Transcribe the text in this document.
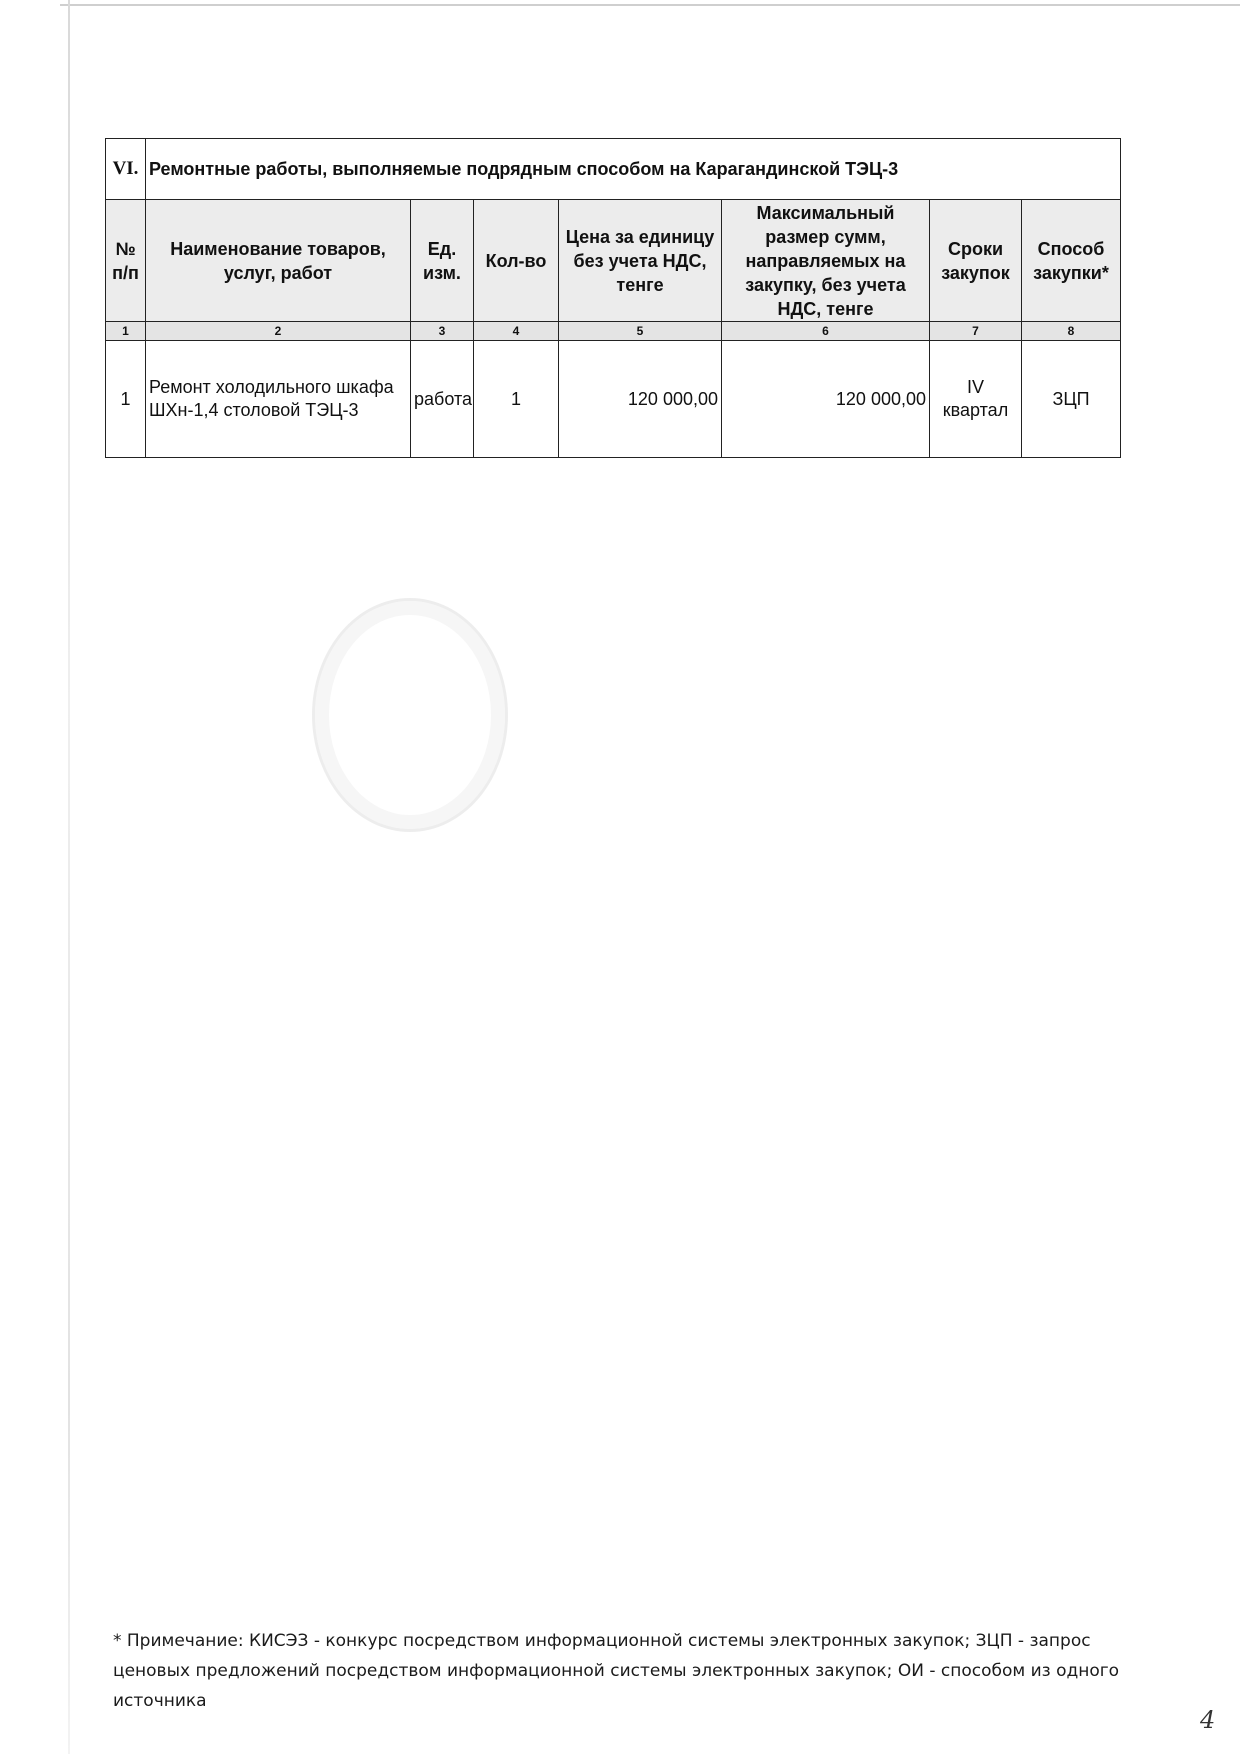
VI.	Ремонтные работы, выполняемые подрядным способом на Карагандинской ТЭЦ-3						
№ п/п	Наименование товаров, услуг, работ	Ед. изм.	Кол-во	Цена за единицу без учета НДС, тенге	Максимальный размер сумм, направляемых на закупку, без учета НДС, тенге	Сроки закупок	Способ закупки*
1	2	3	4	5	6	7	8
1	Ремонт холодильного шкафа ШХн-1,4 столовой ТЭЦ-3	работа	1	120 000,00	120 000,00	IV квартал	ЗЦП
* Примечание: КИСЭЗ - конкурс посредством информационной системы электронных закупок; ЗЦП - запрос ценовых предложений посредством информационной системы электронных закупок; ОИ - способом из одного источника
4
